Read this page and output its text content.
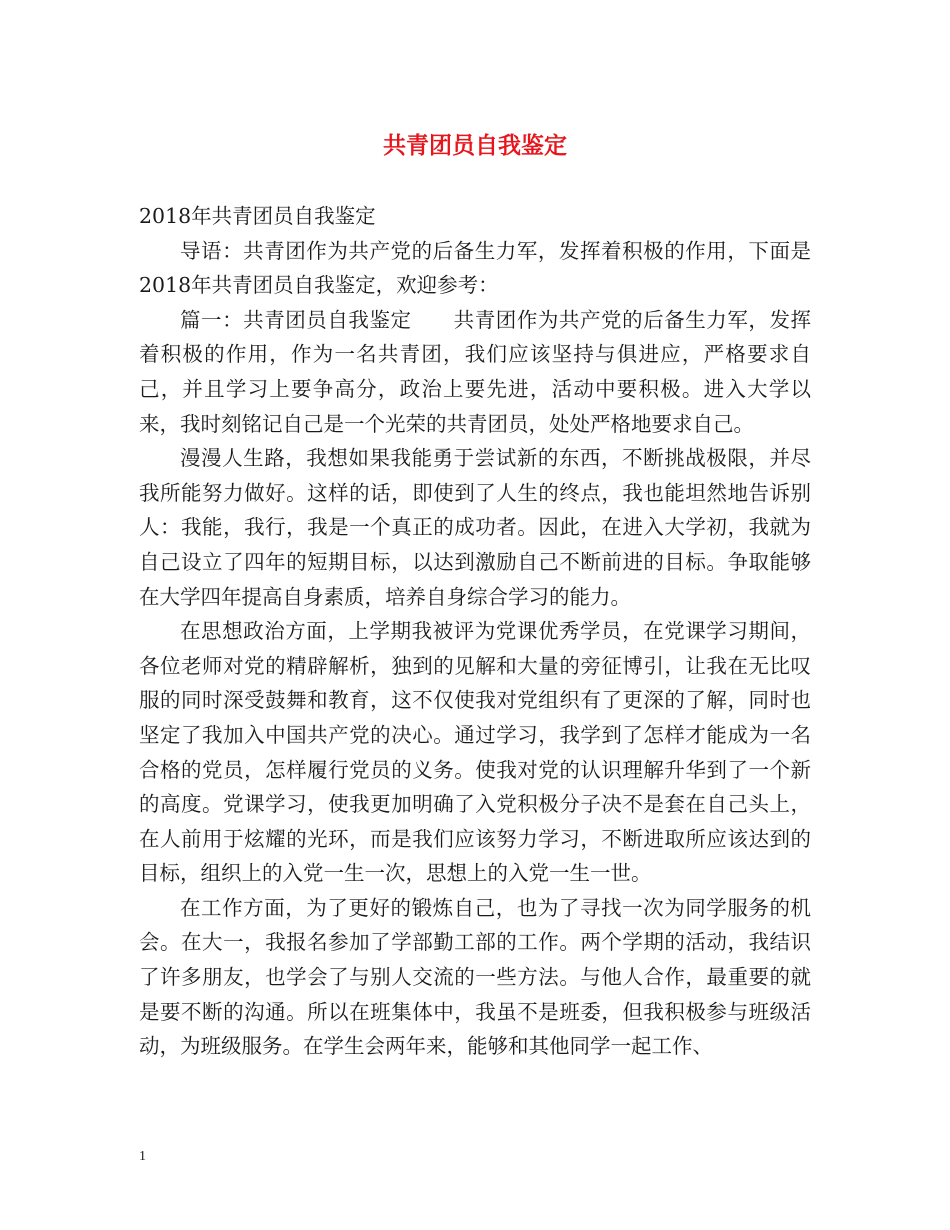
共青团员自我鉴定

2018年共青团员自我鉴定

导语：共青团作为共产党的后备生力军，发挥着积极的作用，下面是2018年共青团员自我鉴定，欢迎参考：

篇一：共青团员自我鉴定　　共青团作为共产党的后备生力军，发挥着积极的作用，作为一名共青团，我们应该坚持与俱进应，严格要求自己，并且学习上要争高分，政治上要先进，活动中要积极。进入大学以来，我时刻铭记自己是一个光荣的共青团员，处处严格地要求自己。

漫漫人生路，我想如果我能勇于尝试新的东西，不断挑战极限，并尽我所能努力做好。这样的话，即使到了人生的终点，我也能坦然地告诉别人：我能，我行，我是一个真正的成功者。因此，在进入大学初，我就为自己设立了四年的短期目标，以达到激励自己不断前进的目标。争取能够在大学四年提高自身素质，培养自身综合学习的能力。

在思想政治方面，上学期我被评为党课优秀学员，在党课学习期间，各位老师对党的精辟解析，独到的见解和大量的旁征博引，让我在无比叹服的同时深受鼓舞和教育，这不仅使我对党组织有了更深的了解，同时也坚定了我加入中国共产党的决心。通过学习，我学到了怎样才能成为一名合格的党员，怎样履行党员的义务。使我对党的认识理解升华到了一个新的高度。党课学习，使我更加明确了入党积极分子决不是套在自己头上，在人前用于炫耀的光环，而是我们应该努力学习，不断进取所应该达到的目标，组织上的入党一生一次，思想上的入党一生一世。

在工作方面，为了更好的锻炼自己，也为了寻找一次为同学服务的机会。在大一，我报名参加了学部勤工部的工作。两个学期的活动，我结识了许多朋友，也学会了与别人交流的一些方法。与他人合作，最重要的就是要不断的沟通。所以在班集体中，我虽不是班委，但我积极参与班级活动，为班级服务。在学生会两年来，能够和其他同学一起工作、

1
